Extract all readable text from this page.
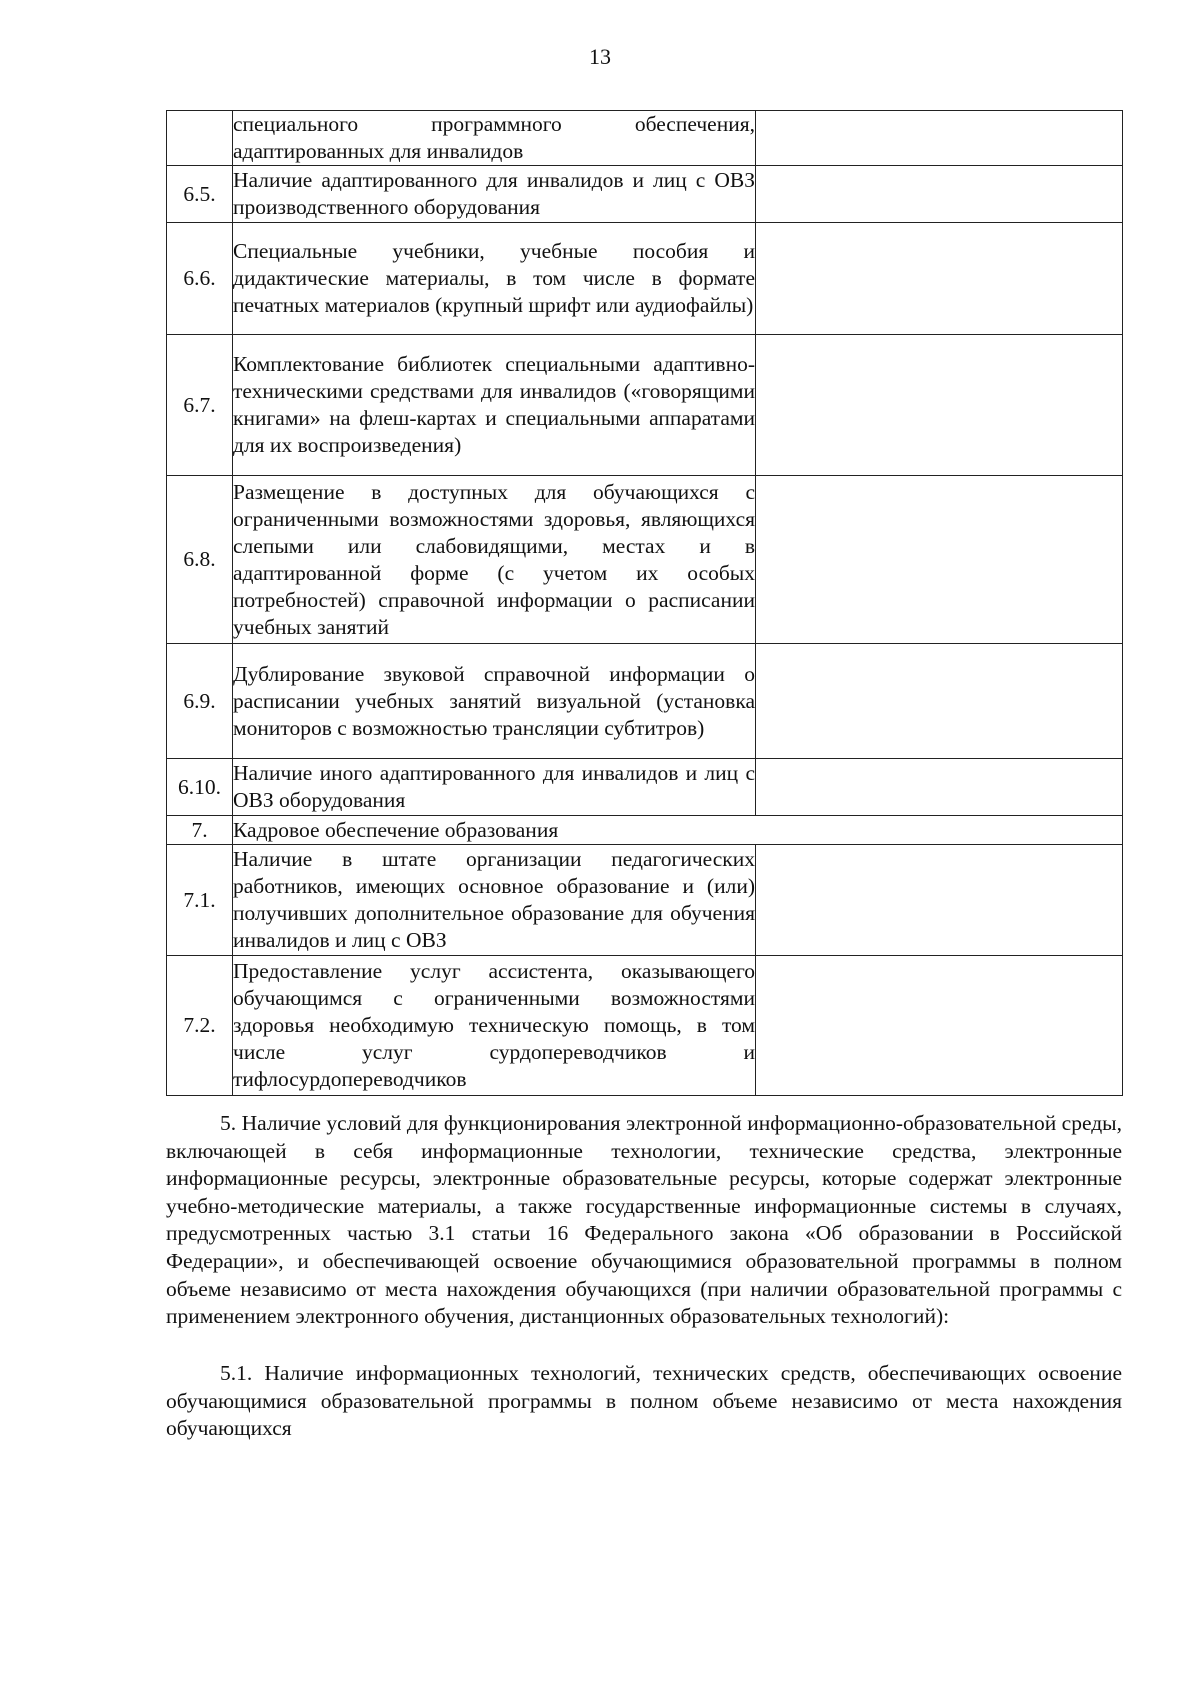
13
	специального программного обеспечения, адаптированных для инвалидов	
6.5.	Наличие адаптированного для инвалидов и лиц с ОВЗ производственного оборудования	
6.6.	Специальные учебники, учебные пособия и дидактические материалы, в том числе в формате печатных материалов (крупный шрифт или аудиофайлы)	
6.7.	Комплектование библиотек специальными адаптивно-техническими средствами для инвалидов («говорящими книгами» на флеш-картах и специальными аппаратами для их воспроизведения)	
6.8.	Размещение в доступных для обучающихся с ограниченными возможностями здоровья, являющихся слепыми или слабовидящими, местах и в адаптированной форме (с учетом их особых потребностей) справочной информации о расписании учебных занятий	
6.9.	Дублирование звуковой справочной информации о расписании учебных занятий визуальной (установка мониторов с возможностью трансляции субтитров)	
6.10.	Наличие иного адаптированного для инвалидов и лиц с ОВЗ оборудования	
7.	Кадровое обеспечение образования	
7.1.	Наличие в штате организации педагогических работников, имеющих основное образование и (или) получивших дополнительное образование для обучения инвалидов и лиц с ОВЗ	
7.2.	Предоставление услуг ассистента, оказывающего обучающимся с ограниченными возможностями здоровья необходимую техническую помощь, в том числе услуг сурдопереводчиков и тифлосурдопереводчиков	
5. Наличие условий для функционирования электронной информационно-образовательной среды, включающей в себя информационные технологии, технические средства, электронные информационные ресурсы, электронные образовательные ресурсы, которые содержат электронные учебно-методические материалы, а также государственные информационные системы в случаях, предусмотренных частью 3.1 статьи 16 Федерального закона «Об образовании в Российской Федерации», и обеспечивающей освоение обучающимися образовательной программы в полном объеме независимо от места нахождения обучающихся (при наличии образовательной программы с применением электронного обучения, дистанционных образовательных технологий):
5.1. Наличие информационных технологий, технических средств, обеспечивающих освоение обучающимися образовательной программы в полном объеме независимо от места нахождения обучающихся
